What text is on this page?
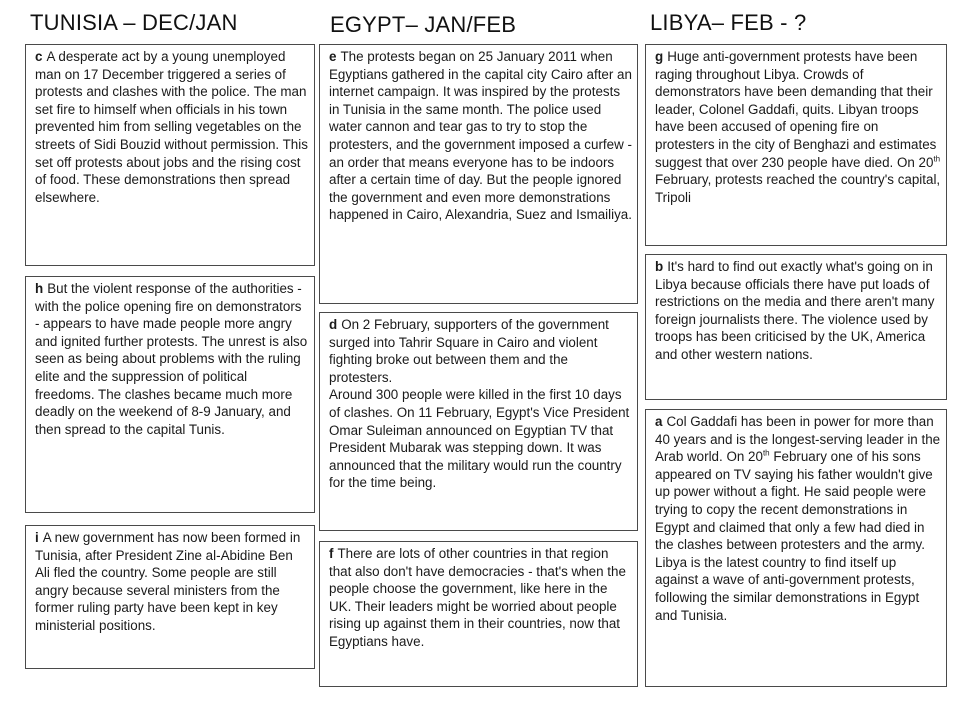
TUNISIA – DEC/JAN	EGYPT– JAN/FEB	LIBYA– FEB - ?
c A desperate act by a young unemployed man on 17 December triggered a series of protests and clashes with the police. The man set fire to himself when officials in his town prevented him from selling vegetables on the streets of Sidi Bouzid without permission. This set off protests about jobs and the rising cost of food. These demonstrations then spread elsewhere.
h But the violent response of the authorities - with the police opening fire on demonstrators - appears to have made people more angry and ignited further protests. The unrest is also seen as being about problems with the ruling elite and the suppression of political freedoms. The clashes became much more deadly on the weekend of 8-9 January, and then spread to the capital Tunis.
i A new government has now been formed in Tunisia, after President Zine al-Abidine Ben Ali fled the country. Some people are still angry because several ministers from the former ruling party have been kept in key ministerial positions.
e The protests began on 25 January 2011 when Egyptians gathered in the capital city Cairo after an internet campaign. It was inspired by the protests in Tunisia in the same month. The police used water cannon and tear gas to try to stop the protesters, and the government imposed a curfew - an order that means everyone has to be indoors after a certain time of day. But the people ignored the government and even more demonstrations happened in Cairo, Alexandria, Suez and Ismailiya.
d On 2 February, supporters of the government surged into Tahrir Square in Cairo and violent fighting broke out between them and the protesters.
Around 300 people were killed in the first 10 days of clashes. On 11 February, Egypt's Vice President Omar Suleiman announced on Egyptian TV that President Mubarak was stepping down. It was announced that the military would run the country for the time being.
f There are lots of other countries in that region that also don't have democracies - that's when the people choose the government, like here in the UK. Their leaders might be worried about people rising up against them in their countries, now that Egyptians have.
g Huge anti-government protests have been raging throughout Libya. Crowds of demonstrators have been demanding that their leader, Colonel Gaddafi, quits. Libyan troops have been accused of opening fire on protesters in the city of Benghazi and estimates suggest that over 230 people have died. On 20th February, protests reached the country's capital, Tripoli
b It's hard to find out exactly what's going on in Libya because officials there have put loads of restrictions on the media and there aren't many foreign journalists there. The violence used by troops has been criticised by the UK, America and other western nations.
a Col Gaddafi has been in power for more than 40 years and is the longest-serving leader in the Arab world. On 20th February one of his sons appeared on TV saying his father wouldn't give up power without a fight. He said people were trying to copy the recent demonstrations in Egypt and claimed that only a few had died in the clashes between protesters and the army.
Libya is the latest country to find itself up against a wave of anti-government protests, following the similar demonstrations in Egypt and Tunisia.
